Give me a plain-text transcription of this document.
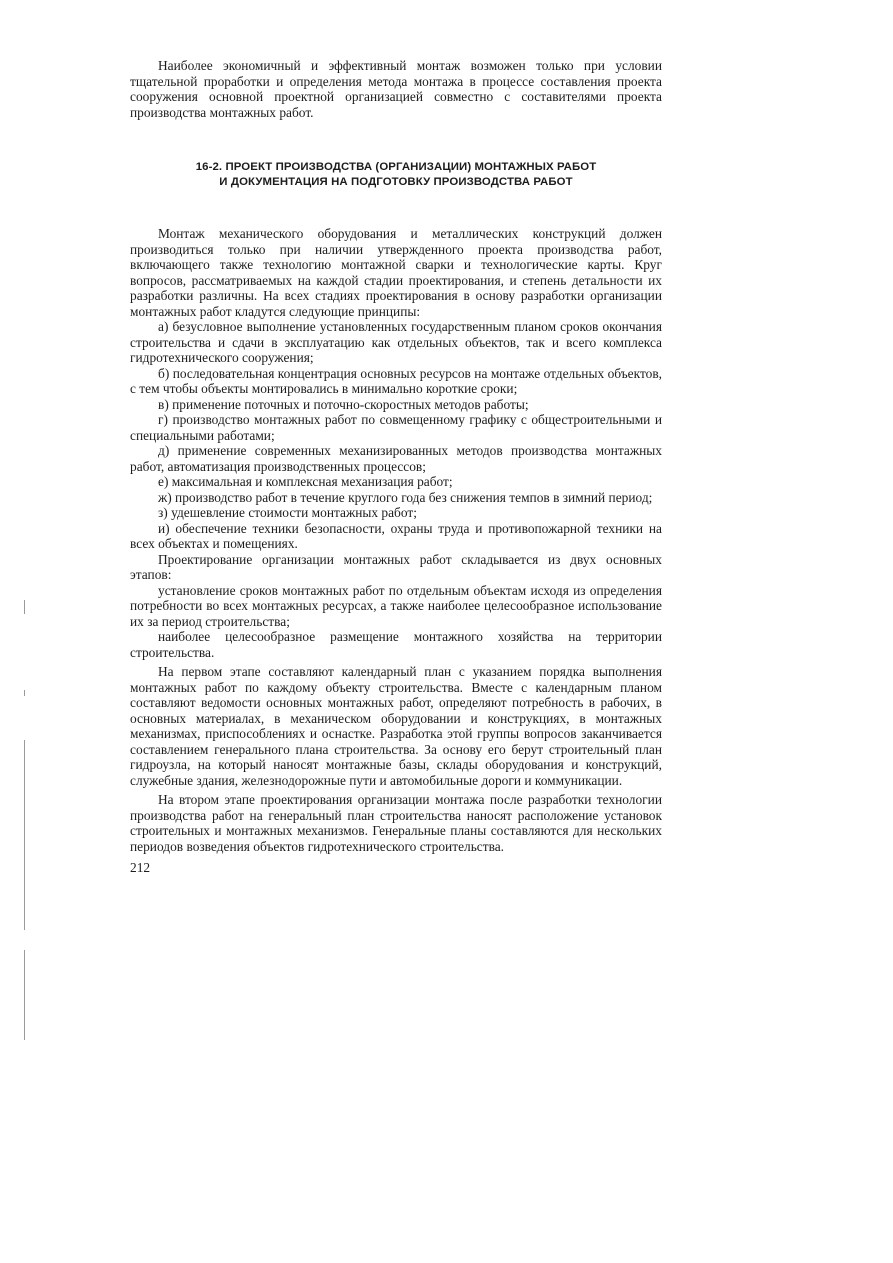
Наиболее экономичный и эффективный монтаж возможен только при условии тщательной проработки и определения метода монтажа в процессе составления проекта сооружения основной проектной организацией совместно с составителями проекта производства монтажных работ.

16-2. ПРОЕКТ ПРОИЗВОДСТВА (ОРГАНИЗАЦИИ) МОНТАЖНЫХ РАБОТ
И ДОКУМЕНТАЦИЯ НА ПОДГОТОВКУ ПРОИЗВОДСТВА РАБОТ

Монтаж механического оборудования и металлических конструкций должен производиться только при наличии утвержденного проекта производства работ, включающего также технологию монтажной сварки и технологические карты. Круг вопросов, рассматриваемых на каждой стадии проектирования, и степень детальности их разработки различны. На всех стадиях проектирования в основу разработки организации монтажных работ кладутся следующие принципы:

а) безусловное выполнение установленных государственным планом сроков окончания строительства и сдачи в эксплуатацию как отдельных объектов, так и всего комплекса гидротехнического сооружения;

б) последовательная концентрация основных ресурсов на монтаже отдельных объектов, с тем чтобы объекты монтировались в минимально короткие сроки;

в) применение поточных и поточно-скоростных методов работы;

г) производство монтажных работ по совмещенному графику с общестроительными и специальными работами;

д) применение современных механизированных методов производства монтажных работ, автоматизация производственных процессов;

е) максимальная и комплексная механизация работ;

ж) производство работ в течение круглого года без снижения темпов в зимний период;

з) удешевление стоимости монтажных работ;

и) обеспечение техники безопасности, охраны труда и противопожарной техники на всех объектах и помещениях.

Проектирование организации монтажных работ складывается из двух основных этапов:

установление сроков монтажных работ по отдельным объектам исходя из определения потребности во всех монтажных ресурсах, а также наиболее целесообразное использование их за период строительства;

наиболее целесообразное размещение монтажного хозяйства на территории строительства.

На первом этапе составляют календарный план с указанием порядка выполнения монтажных работ по каждому объекту строительства. Вместе с календарным планом составляют ведомости основных монтажных работ, определяют потребность в рабочих, в основных материалах, в механическом оборудовании и конструкциях, в монтажных механизмах, приспособлениях и оснастке. Разработка этой группы вопросов заканчивается составлением генерального плана строительства. За основу его берут строительный план гидроузла, на который наносят монтажные базы, склады оборудования и конструкций, служебные здания, железнодорожные пути и автомобильные дороги и коммуникации.

На втором этапе проектирования организации монтажа после разработки технологии производства работ на генеральный план строительства наносят расположение установок строительных и монтажных механизмов. Генеральные планы составляются для нескольких периодов возведения объектов гидротехнического строительства.

212
